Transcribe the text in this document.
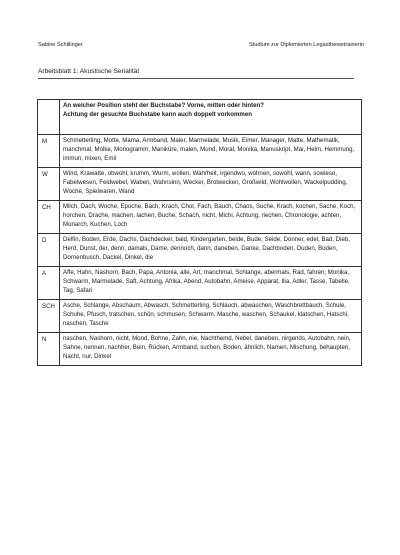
Sabine Schillinger	Studium zur Diplomierten Legasthenietrainerin
Arbeitsblatt 1: Akustische Serialität

	An welcher Position steht der Buchstabe? Vorne, mitten oder hinten?
Achtung der gesuchte Buchstabe kann auch doppelt vorkommen

M	Schmetterling, Motte, Mama, Armband, Maler, Marmelade, Musik, Eimer, Manager, Matte, Mathematik, manchmal, Molke, Monogramm, Maniküre, malen, Mund, Moral, Monika, Manuskript, Mai, Heim, Hemmung, immun, mixen, Emil
W	Wind, Krawatte, obwohl, krumm, Wurm, wollen, Wahrheit, irgendwo, wohnen, sowohl, wann, sowieso, Fabelwesen, Feldwebel, Waben, Wahnsinn, Wecker, Brotwecken, Großwild, Wohlwollen, Wackelpudding, Woche, Spielwaren, Wand
CH	Milch, Dach, Woche, Epoche, Bach, Krach, Chor, Fach, Bauch, Chaos, Suche, Krach, kochen, Sache, Koch, horchen, Drache, machen, lachen, Buche, Schach, nicht, Michi, Achtung, riechen, Chronologie, achten, Monarch, Kuchen, Loch
D	Delfin, Boden, Erde, Dachs, Dachdecker, bald, Kindergarten, beide, Bude, Seide, Donner, edel, Bad, Dieb, Herd, Dunst, der, denn, damals, Dame, dennoch, dann, daneben, Danke, Dachboden, Duden, Boden, Dornenbusch, Dackel, Dinkel, die
A	Affe, Hahn, Nashorn, Bach, Papa, Antonia, alle, Art, manchmal, Schlange, abermals, Rad, fahren, Monika, Schwarm, Marmelade, Saft, Achtung, Afrika, Abend, Autobahn, Ameise, Apparat, Ilia, Adler, Tasse, Tabelle, Tag, Safari
SCH	Asche, Schlange, Abschaum, Abwasch, Schmetterling, Schlauch, abwaschen, Waschbrettbauch, Schule, Schuhe, Pfusch, tratschen, schön, schmusen, Schwarm, Masche, waschen, Schaukel, klatschen, Hatschi, naschen, Tasche
N	naschen, Nashorn, nicht, Mond, Bohne, Zahn, nie, Nachthemd, Nebel, daneben, nirgends, Autobahn, nein, Sahne, nennen, nachher, Bein, Rücken, Armband, suchen, Boden, ähnlich, Namen, Mischung, behaupten, Nacht, nur, Dinkel
